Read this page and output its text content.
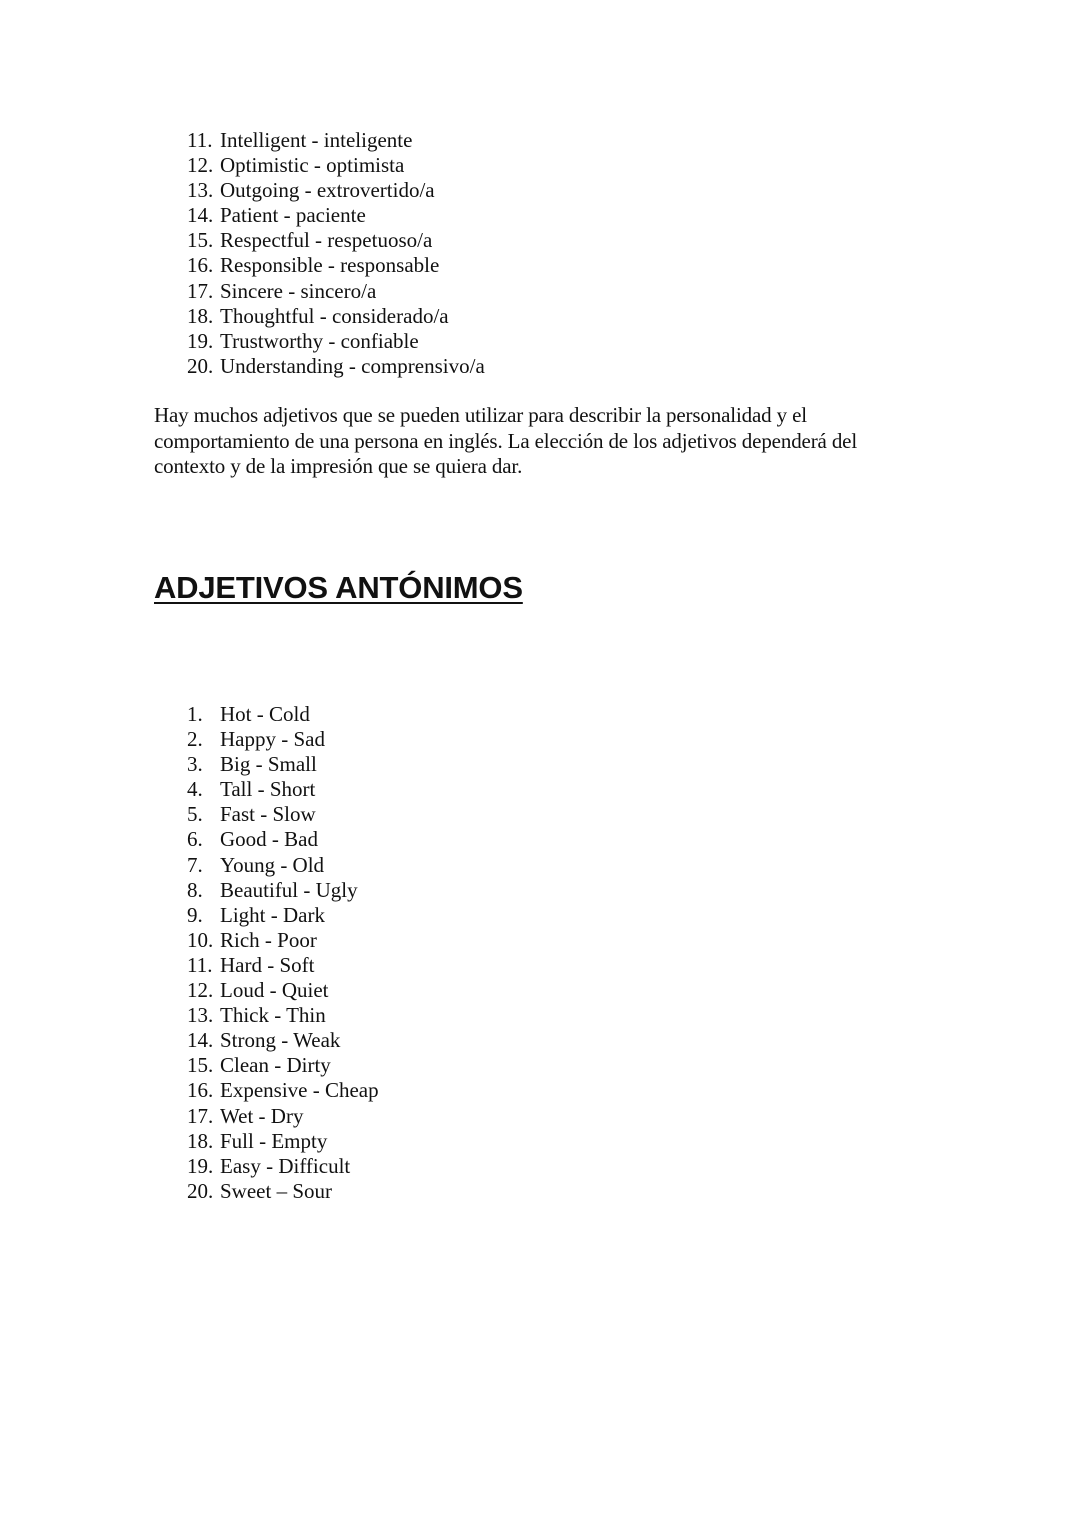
11. Intelligent - inteligente
12. Optimistic - optimista
13. Outgoing - extrovertido/a
14. Patient - paciente
15. Respectful - respetuoso/a
16. Responsible - responsable
17. Sincere - sincero/a
18. Thoughtful - considerado/a
19. Trustworthy - confiable
20. Understanding - comprensivo/a

Hay muchos adjetivos que se pueden utilizar para describir la personalidad y el comportamiento de una persona en inglés. La elección de los adjetivos dependerá del contexto y de la impresión que se quiera dar.

ADJETIVOS ANTÓNIMOS
1. Hot - Cold
2. Happy - Sad
3. Big - Small
4. Tall - Short
5. Fast - Slow
6. Good - Bad
7. Young - Old
8. Beautiful - Ugly
9. Light - Dark
10. Rich - Poor
11. Hard - Soft
12. Loud - Quiet
13. Thick - Thin
14. Strong - Weak
15. Clean - Dirty
16. Expensive - Cheap
17. Wet - Dry
18. Full - Empty
19. Easy - Difficult
20. Sweet – Sour
